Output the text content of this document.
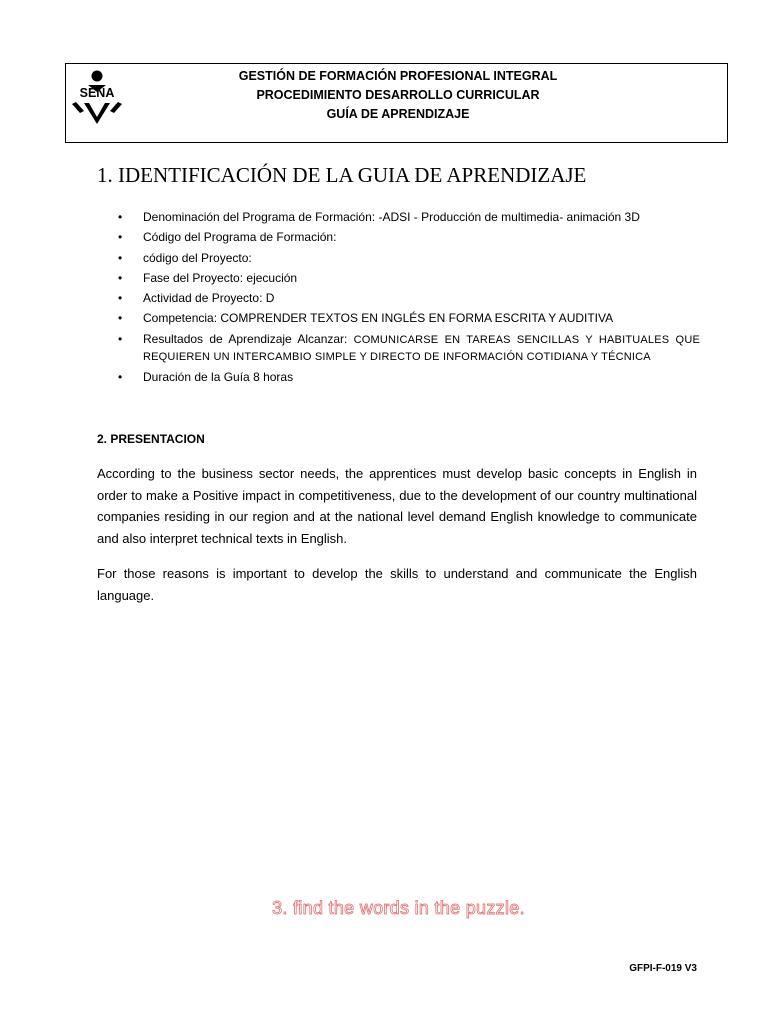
SENA
GESTIÓN DE FORMACIÓN PROFESIONAL INTEGRAL
PROCEDIMIENTO DESARROLLO CURRICULAR
GUÍA DE APRENDIZAJE
1. IDENTIFICACIÓN DE LA GUIA DE APRENDIZAJE
• Denominación del Programa de Formación: -ADSI - Producción de multimedia- animación 3D
• Código del Programa de Formación:
• código del Proyecto:
• Fase del Proyecto: ejecución
• Actividad de Proyecto: D
• Competencia: COMPRENDER TEXTOS EN INGLÉS EN FORMA ESCRITA Y AUDITIVA
• Resultados de Aprendizaje Alcanzar: COMUNICARSE EN TAREAS SENCILLAS Y HABITUALES QUE REQUIEREN UN INTERCAMBIO SIMPLE Y DIRECTO DE INFORMACIÓN COTIDIANA Y TÉCNICA
• Duración de la Guía 8 horas
2. PRESENTACION
According to the business sector needs, the apprentices must develop basic concepts in English in order to make a Positive impact in competitiveness, due to the development of our country multinational companies residing in our region and at the national level demand English knowledge to communicate and also interpret technical texts in English.
For those reasons is important to develop the skills to understand and communicate the English language.
3. find the words in the puzzle.
GFPI-F-019 V3
